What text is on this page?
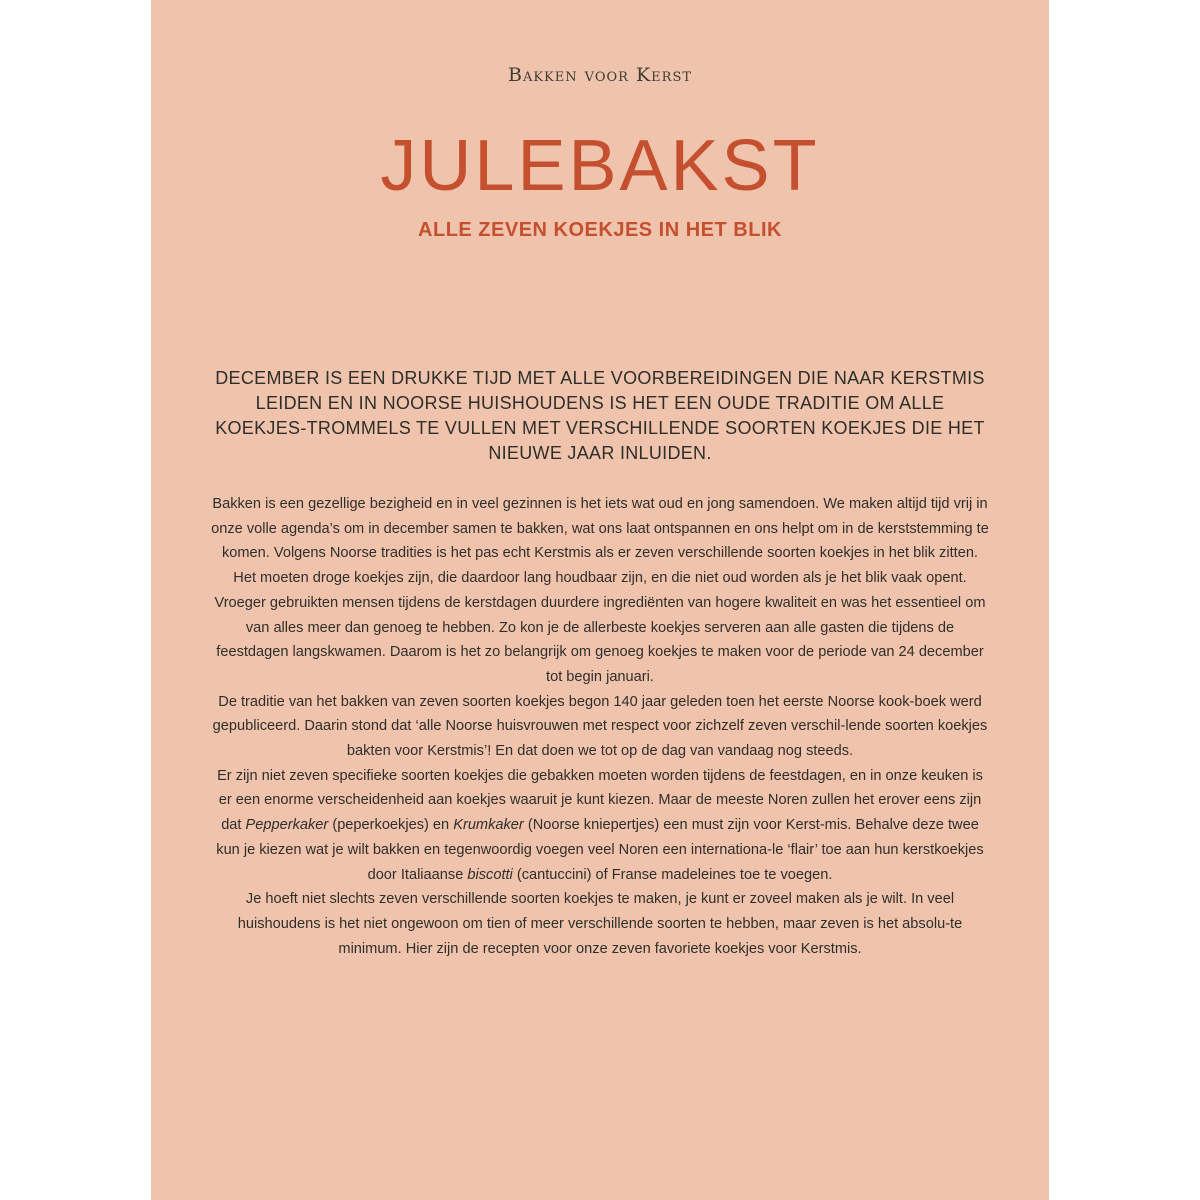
Bakken voor Kerst
JULEBAKST
ALLE ZEVEN KOEKJES IN HET BLIK

DECEMBER IS EEN DRUKKE TIJD MET ALLE VOORBEREIDINGEN DIE NAAR KERSTMIS LEIDEN EN IN NOORSE HUISHOUDENS IS HET EEN OUDE TRADITIE OM ALLE KOEKJES-TROMMELS TE VULLEN MET VERSCHILLENDE SOORTEN KOEKJES DIE HET NIEUWE JAAR INLUIDEN.

Bakken is een gezellige bezigheid en in veel gezinnen is het iets wat oud en jong samendoen. We maken altijd tijd vrij in onze volle agenda’s om in december samen te bakken, wat ons laat ontspannen en ons helpt om in de kerststemming te komen. Volgens Noorse tradities is het pas echt Kerstmis als er zeven verschillende soorten koekjes in het blik zitten. Het moeten droge koekjes zijn, die daardoor lang houdbaar zijn, en die niet oud worden als je het blik vaak opent.

Vroeger gebruikten mensen tijdens de kerstdagen duurdere ingrediënten van hogere kwaliteit en was het essentieel om van alles meer dan genoeg te hebben. Zo kon je de allerbeste koekjes serveren aan alle gasten die tijdens de feestdagen langskwamen. Daarom is het zo belangrijk om genoeg koekjes te maken voor de periode van 24 december tot begin januari.

De traditie van het bakken van zeven soorten koekjes begon 140 jaar geleden toen het eerste Noorse kook-boek werd gepubliceerd. Daarin stond dat ‘alle Noorse huisvrouwen met respect voor zichzelf zeven verschil-lende soorten koekjes bakten voor Kerstmis’! En dat doen we tot op de dag van vandaag nog steeds.

Er zijn niet zeven specifieke soorten koekjes die gebakken moeten worden tijdens de feestdagen, en in onze keuken is er een enorme verscheidenheid aan koekjes waaruit je kunt kiezen. Maar de meeste Noren zullen het erover eens zijn dat Pepperkaker (peperkoekjes) en Krumkaker (Noorse kniepertjes) een must zijn voor Kerst-mis. Behalve deze twee kun je kiezen wat je wilt bakken en tegenwoordig voegen veel Noren een internationa-le ‘flair’ toe aan hun kerstkoekjes door Italiaanse biscotti (cantuccini) of Franse madeleines toe te voegen.

Je hoeft niet slechts zeven verschillende soorten koekjes te maken, je kunt er zoveel maken als je wilt. In veel huishoudens is het niet ongewoon om tien of meer verschillende soorten te hebben, maar zeven is het absolu-te minimum. Hier zijn de recepten voor onze zeven favoriete koekjes voor Kerstmis.
